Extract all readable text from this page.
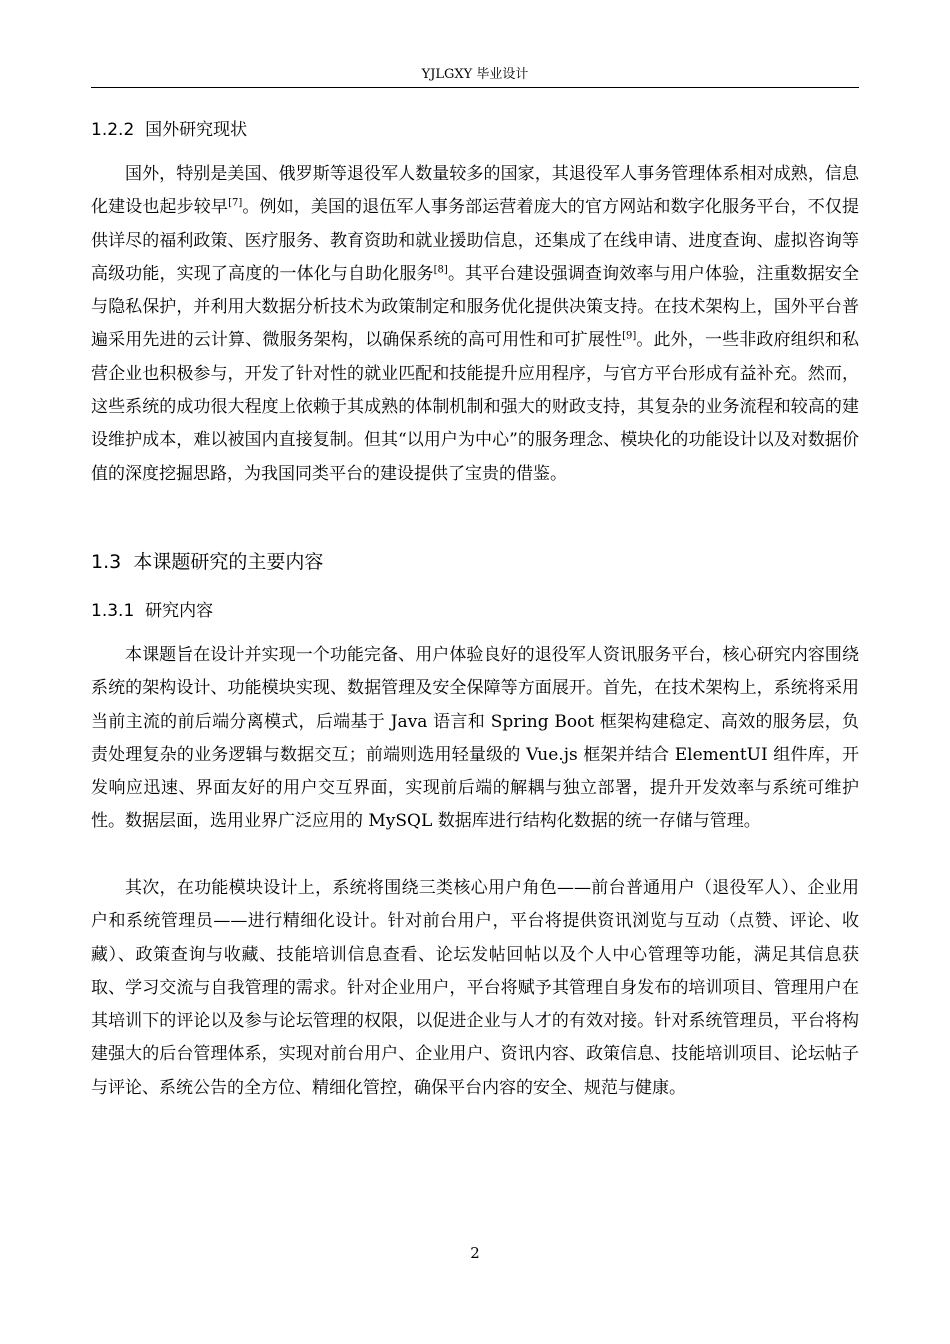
YJLGXY 毕业设计
1.2.2 国外研究现状

国外，特别是美国、俄罗斯等退役军人数量较多的国家，其退役军人事务管理体系相对成熟，信息化建设也起步较早[7]。例如，美国的退伍军人事务部运营着庞大的官方网站和数字化服务平台，不仅提供详尽的福利政策、医疗服务、教育资助和就业援助信息，还集成了在线申请、进度查询、虚拟咨询等高级功能，实现了高度的一体化与自助化服务[8]。其平台建设强调查询效率与用户体验，注重数据安全与隐私保护，并利用大数据分析技术为政策制定和服务优化提供决策支持。在技术架构上，国外平台普遍采用先进的云计算、微服务架构，以确保系统的高可用性和可扩展性[9]。此外，一些非政府组织和私营企业也积极参与，开发了针对性的就业匹配和技能提升应用程序，与官方平台形成有益补充。然而，这些系统的成功很大程度上依赖于其成熟的体制机制和强大的财政支持，其复杂的业务流程和较高的建设维护成本，难以被国内直接复制。但其“以用户为中心”的服务理念、模块化的功能设计以及对数据价值的深度挖掘思路，为我国同类平台的建设提供了宝贵的借鉴。

1.3 本课题研究的主要内容
1.3.1 研究内容

本课题旨在设计并实现一个功能完备、用户体验良好的退役军人资讯服务平台，核心研究内容围绕系统的架构设计、功能模块实现、数据管理及安全保障等方面展开。首先，在技术架构上，系统将采用当前主流的前后端分离模式，后端基于 Java 语言和 Spring Boot 框架构建稳定、高效的服务层，负责处理复杂的业务逻辑与数据交互；前端则选用轻量级的 Vue.js 框架并结合 ElementUI 组件库，开发响应迅速、界面友好的用户交互界面，实现前后端的解耦与独立部署，提升开发效率与系统可维护性。数据层面，选用业界广泛应用的 MySQL 数据库进行结构化数据的统一存储与管理。

其次，在功能模块设计上，系统将围绕三类核心用户角色——前台普通用户（退役军人）、企业用户和系统管理员——进行精细化设计。针对前台用户，平台将提供资讯浏览与互动（点赞、评论、收藏）、政策查询与收藏、技能培训信息查看、论坛发帖回帖以及个人中心管理等功能，满足其信息获取、学习交流与自我管理的需求。针对企业用户，平台将赋予其管理自身发布的培训项目、管理用户在其培训下的评论以及参与论坛管理的权限，以促进企业与人才的有效对接。针对系统管理员，平台将构建强大的后台管理体系，实现对前台用户、企业用户、资讯内容、政策信息、技能培训项目、论坛帖子与评论、系统公告的全方位、精细化管控，确保平台内容的安全、规范与健康。

2
